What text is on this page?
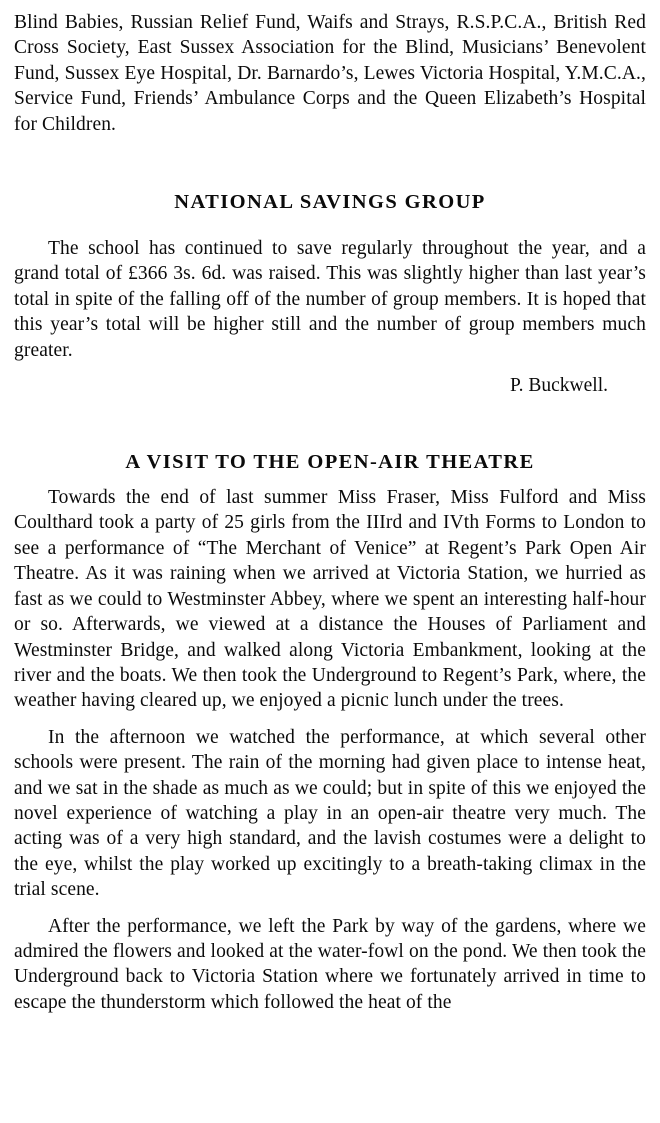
Blind Babies, Russian Relief Fund, Waifs and Strays, R.S.P.C.A., British Red Cross Society, East Sussex Association for the Blind, Musicians’ Benevolent Fund, Sussex Eye Hospital, Dr. Barnardo’s, Lewes Victoria Hospital, Y.M.C.A., Service Fund, Friends’ Ambulance Corps and the Queen Elizabeth’s Hospital for Children.

NATIONAL SAVINGS GROUP

The school has continued to save regularly throughout the year, and a grand total of £366 3s. 6d. was raised. This was slightly higher than last year’s total in spite of the falling off of the number of group members. It is hoped that this year’s total will be higher still and the number of group members much greater.

P. Buckwell.

A VISIT TO THE OPEN-AIR THEATRE

Towards the end of last summer Miss Fraser, Miss Fulford and Miss Coulthard took a party of 25 girls from the IIIrd and IVth Forms to London to see a performance of “The Merchant of Venice” at Regent’s Park Open Air Theatre. As it was raining when we arrived at Victoria Station, we hurried as fast as we could to Westminster Abbey, where we spent an interesting half-hour or so. Afterwards, we viewed at a distance the Houses of Parliament and Westminster Bridge, and walked along Victoria Embankment, looking at the river and the boats. We then took the Underground to Regent’s Park, where, the weather having cleared up, we enjoyed a picnic lunch under the trees.

In the afternoon we watched the performance, at which several other schools were present. The rain of the morning had given place to intense heat, and we sat in the shade as much as we could; but in spite of this we enjoyed the novel experience of watching a play in an open-air theatre very much. The acting was of a very high standard, and the lavish costumes were a delight to the eye, whilst the play worked up excitingly to a breath-taking climax in the trial scene.

After the performance, we left the Park by way of the gardens, where we admired the flowers and looked at the water-fowl on the pond. We then took the Underground back to Victoria Station where we fortunately arrived in time to escape the thunderstorm which followed the heat of the
